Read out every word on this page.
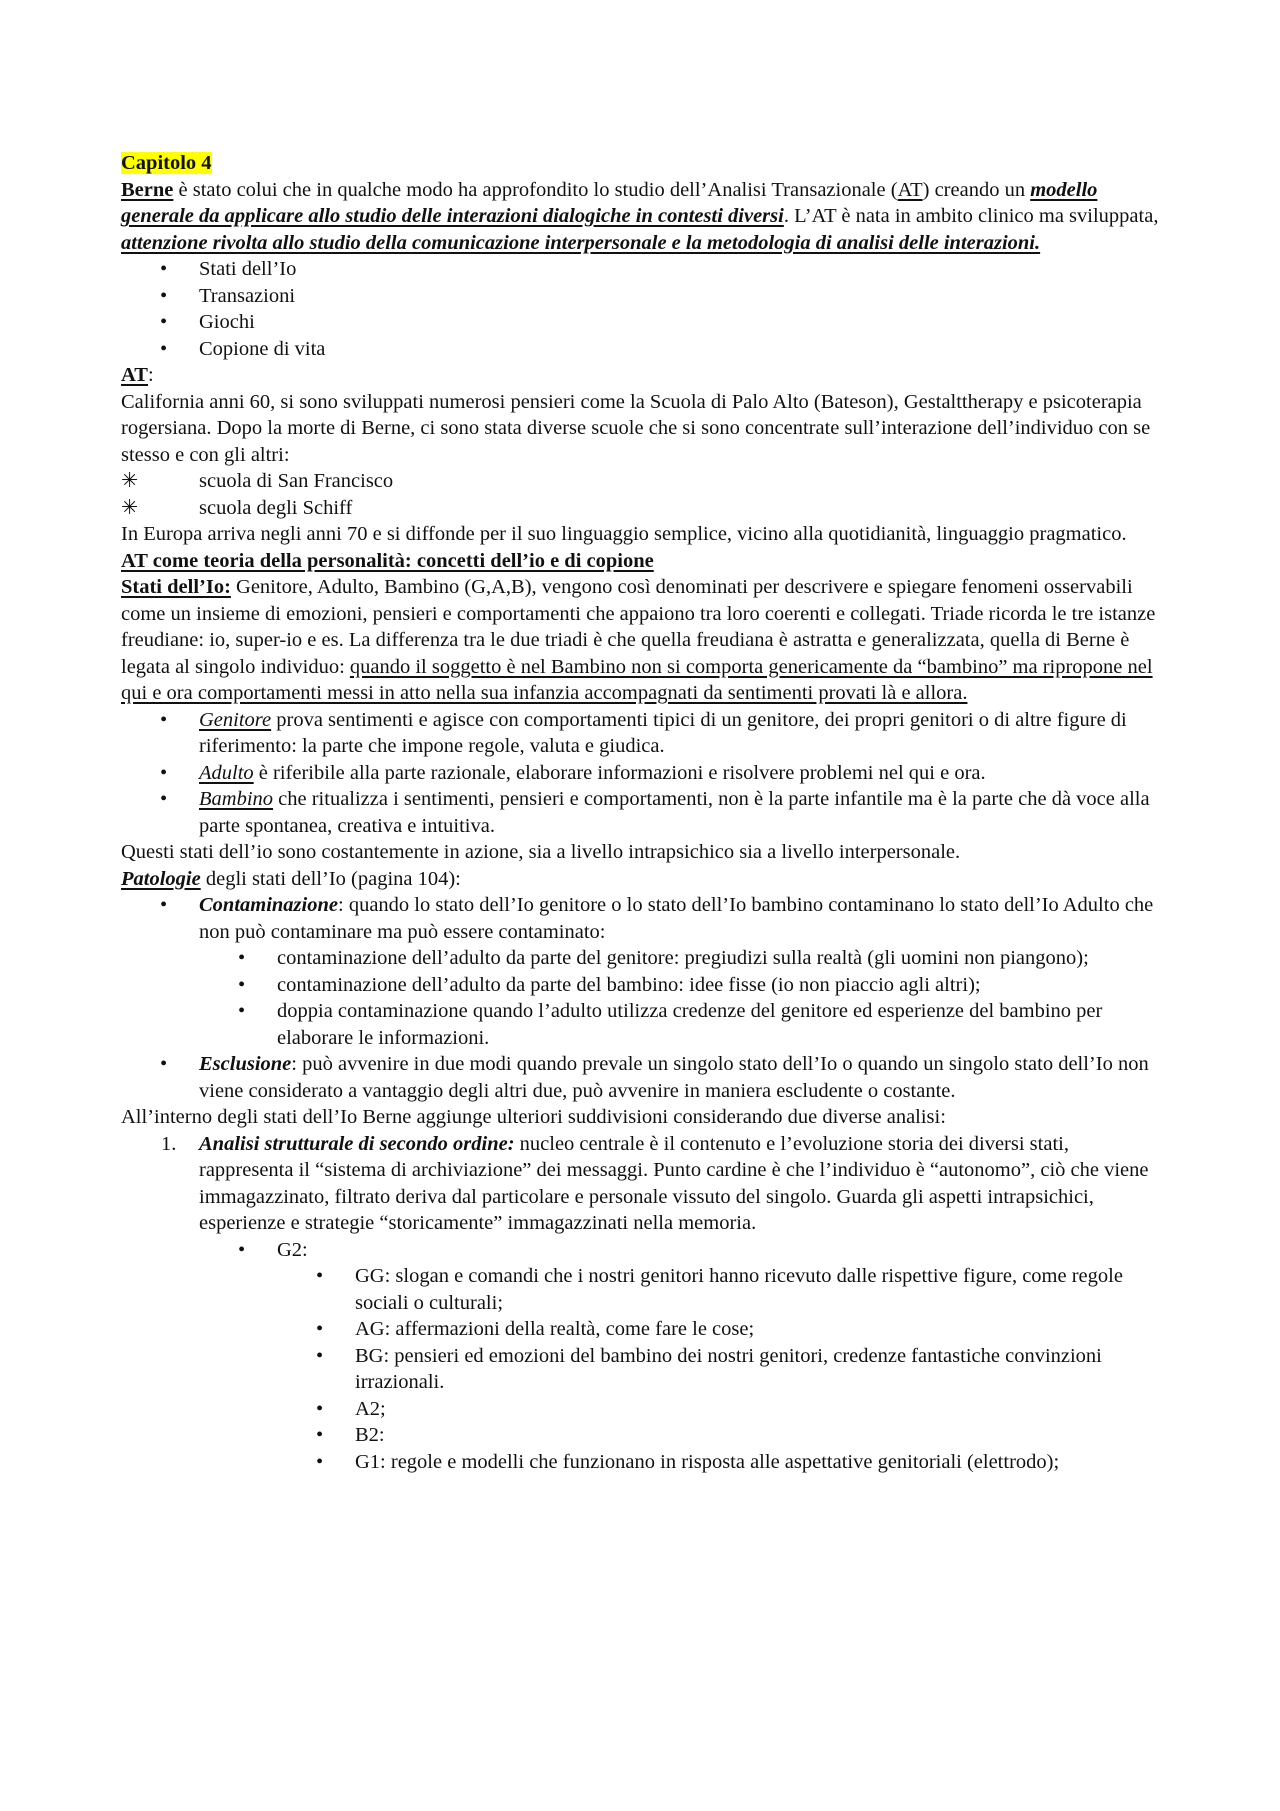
Capitolo 4

Berne è stato colui che in qualche modo ha approfondito lo studio dell’Analisi Transazionale (AT) creando un modello generale da applicare allo studio delle interazioni dialogiche in contesti diversi. L’AT è nata in ambito clinico ma sviluppata, attenzione rivolta allo studio della comunicazione interpersonale e la metodologia di analisi delle interazioni.

• Stati dell’Io

• Transazioni

• Giochi

• Copione di vita

AT:

California anni 60, si sono sviluppati numerosi pensieri come la Scuola di Palo Alto (Bateson), Gestalttherapy e psicoterapia rogersiana. Dopo la morte di Berne, ci sono stata diverse scuole che si sono concentrate sull’interazione dell’individuo con se stesso e con gli altri:

✳	scuola di San Francisco

✳	scuola degli Schiff

In Europa arriva negli anni 70 e si diffonde per il suo linguaggio semplice, vicino alla quotidianità, linguaggio pragmatico.

AT come teoria della personalità: concetti dell’io e di copione

Stati dell’Io: Genitore, Adulto, Bambino (G,A,B), vengono così denominati per descrivere e spiegare fenomeni osservabili come un insieme di emozioni, pensieri e comportamenti che appaiono tra loro coerenti e collegati. Triade ricorda le tre istanze freudiane: io, super-io e es. La differenza tra le due triadi è che quella freudiana è astratta e generalizzata, quella di Berne è legata al singolo individuo: quando il soggetto è nel Bambino non si comporta genericamente da “bambino” ma ripropone nel qui e ora comportamenti messi in atto nella sua infanzia accompagnati da sentimenti provati là e allora.

• Genitore prova sentimenti e agisce con comportamenti tipici di un genitore, dei propri genitori o di altre figure di riferimento: la parte che impone regole, valuta e giudica.

• Adulto è riferibile alla parte razionale, elaborare informazioni e risolvere problemi nel qui e ora.

• Bambino che ritualizza i sentimenti, pensieri e comportamenti, non è la parte infantile ma è la parte che dà voce alla parte spontanea, creativa e intuitiva.

Questi stati dell’io sono costantemente in azione, sia a livello intrapsichico sia a livello interpersonale.

Patologie degli stati dell’Io (pagina 104):

• Contaminazione: quando lo stato dell’Io genitore o lo stato dell’Io bambino contaminano lo stato dell’Io Adulto che non può contaminare ma può essere contaminato:

• contaminazione dell’adulto da parte del genitore: pregiudizi sulla realtà (gli uomini non piangono);

• contaminazione dell’adulto da parte del bambino: idee fisse (io non piaccio agli altri);

• doppia contaminazione quando l’adulto utilizza credenze del genitore ed esperienze del bambino per elaborare le informazioni.

• Esclusione: può avvenire in due modi quando prevale un singolo stato dell’Io o quando un singolo stato dell’Io non viene considerato a vantaggio degli altri due, può avvenire in maniera escludente o costante.

All’interno degli stati dell’Io Berne aggiunge ulteriori suddivisioni considerando due diverse analisi:

1. Analisi strutturale di secondo ordine: nucleo centrale è il contenuto e l’evoluzione storia dei diversi stati, rappresenta il “sistema di archiviazione” dei messaggi. Punto cardine è che l’individuo è “autonomo”, ciò che viene immagazzinato, filtrato deriva dal particolare e personale vissuto del singolo. Guarda gli aspetti intrapsichici, esperienze e strategie “storicamente” immagazzinati nella memoria.

• G2:

• GG: slogan e comandi che i nostri genitori hanno ricevuto dalle rispettive figure, come regole sociali o culturali;

• AG: affermazioni della realtà, come fare le cose;

• BG: pensieri ed emozioni del bambino dei nostri genitori, credenze fantastiche convinzioni irrazionali.

• A2;

• B2:

• G1: regole e modelli che funzionano in risposta alle aspettative genitoriali (elettrodo);
